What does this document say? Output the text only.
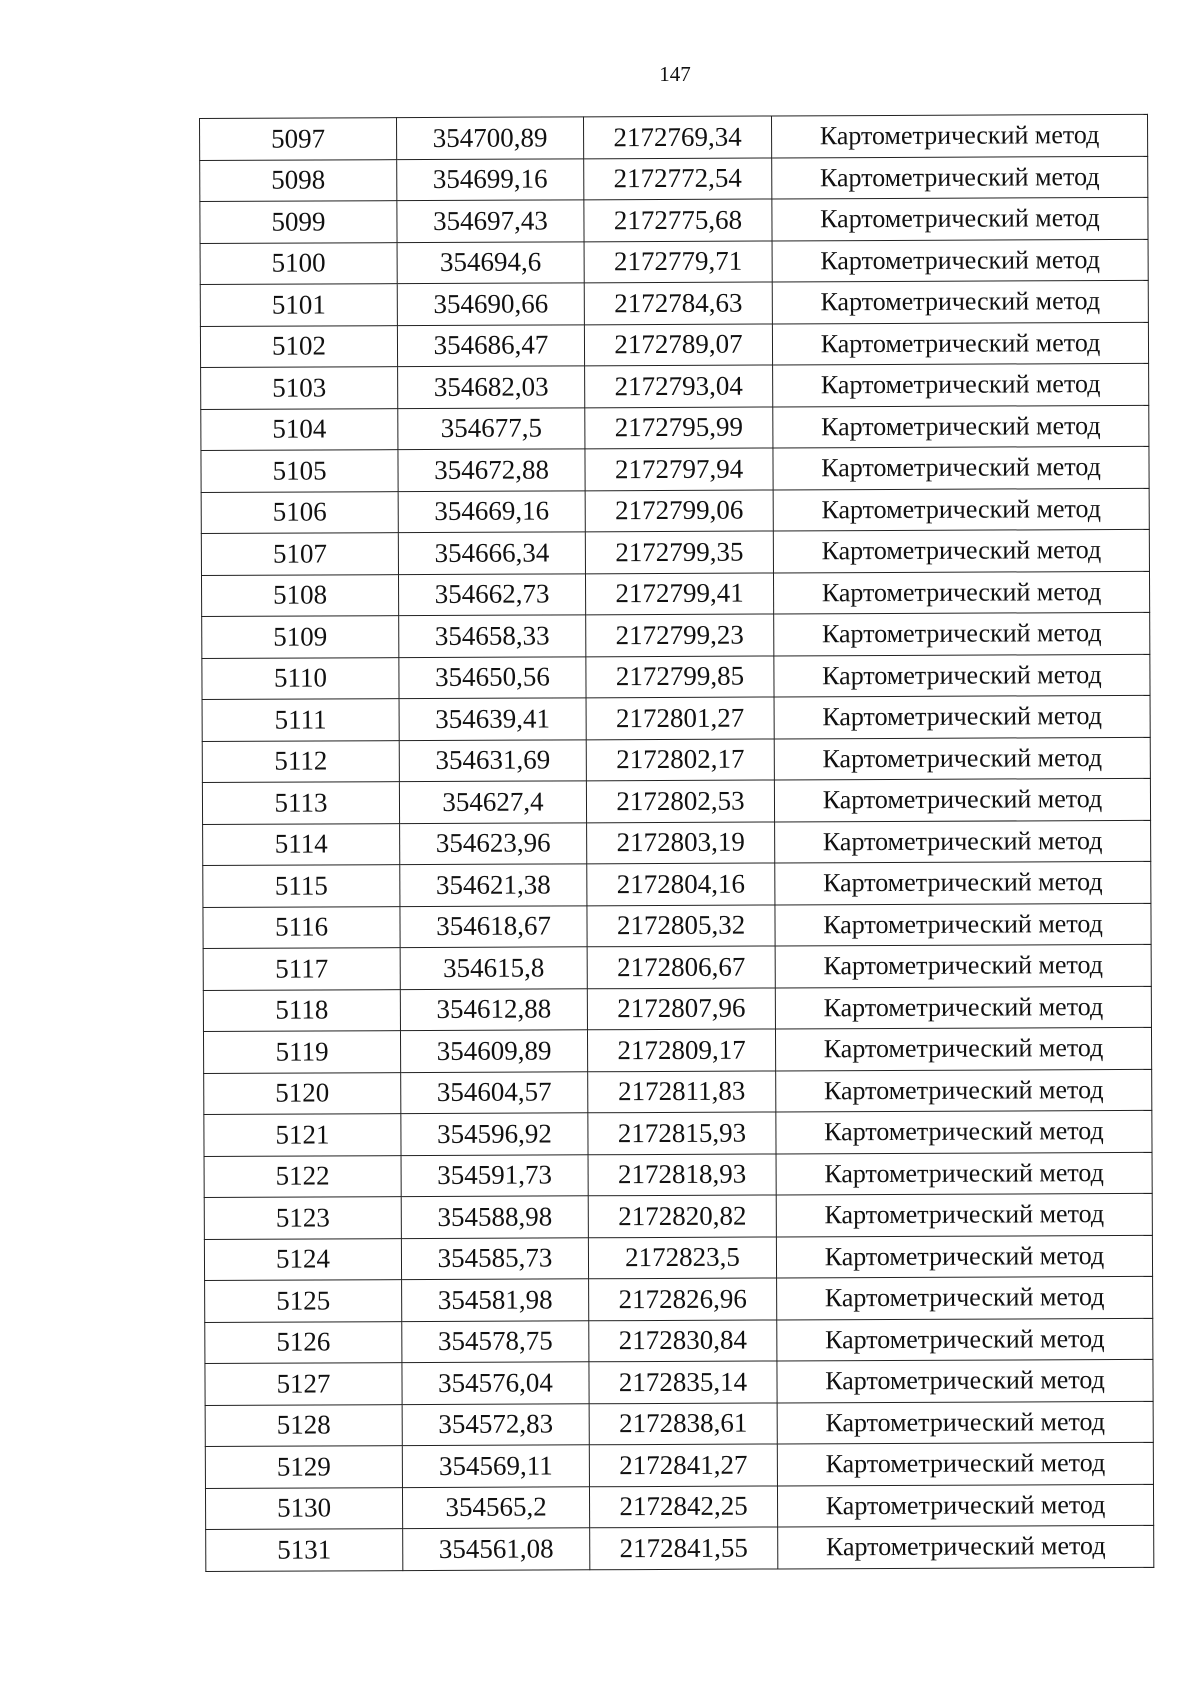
147
5097	354700,89	2172769,34	Картометрический метод
5098	354699,16	2172772,54	Картометрический метод
5099	354697,43	2172775,68	Картометрический метод
5100	354694,6	2172779,71	Картометрический метод
5101	354690,66	2172784,63	Картометрический метод
5102	354686,47	2172789,07	Картометрический метод
5103	354682,03	2172793,04	Картометрический метод
5104	354677,5	2172795,99	Картометрический метод
5105	354672,88	2172797,94	Картометрический метод
5106	354669,16	2172799,06	Картометрический метод
5107	354666,34	2172799,35	Картометрический метод
5108	354662,73	2172799,41	Картометрический метод
5109	354658,33	2172799,23	Картометрический метод
5110	354650,56	2172799,85	Картометрический метод
5111	354639,41	2172801,27	Картометрический метод
5112	354631,69	2172802,17	Картометрический метод
5113	354627,4	2172802,53	Картометрический метод
5114	354623,96	2172803,19	Картометрический метод
5115	354621,38	2172804,16	Картометрический метод
5116	354618,67	2172805,32	Картометрический метод
5117	354615,8	2172806,67	Картометрический метод
5118	354612,88	2172807,96	Картометрический метод
5119	354609,89	2172809,17	Картометрический метод
5120	354604,57	2172811,83	Картометрический метод
5121	354596,92	2172815,93	Картометрический метод
5122	354591,73	2172818,93	Картометрический метод
5123	354588,98	2172820,82	Картометрический метод
5124	354585,73	2172823,5	Картометрический метод
5125	354581,98	2172826,96	Картометрический метод
5126	354578,75	2172830,84	Картометрический метод
5127	354576,04	2172835,14	Картометрический метод
5128	354572,83	2172838,61	Картометрический метод
5129	354569,11	2172841,27	Картометрический метод
5130	354565,2	2172842,25	Картометрический метод
5131	354561,08	2172841,55	Картометрический метод
